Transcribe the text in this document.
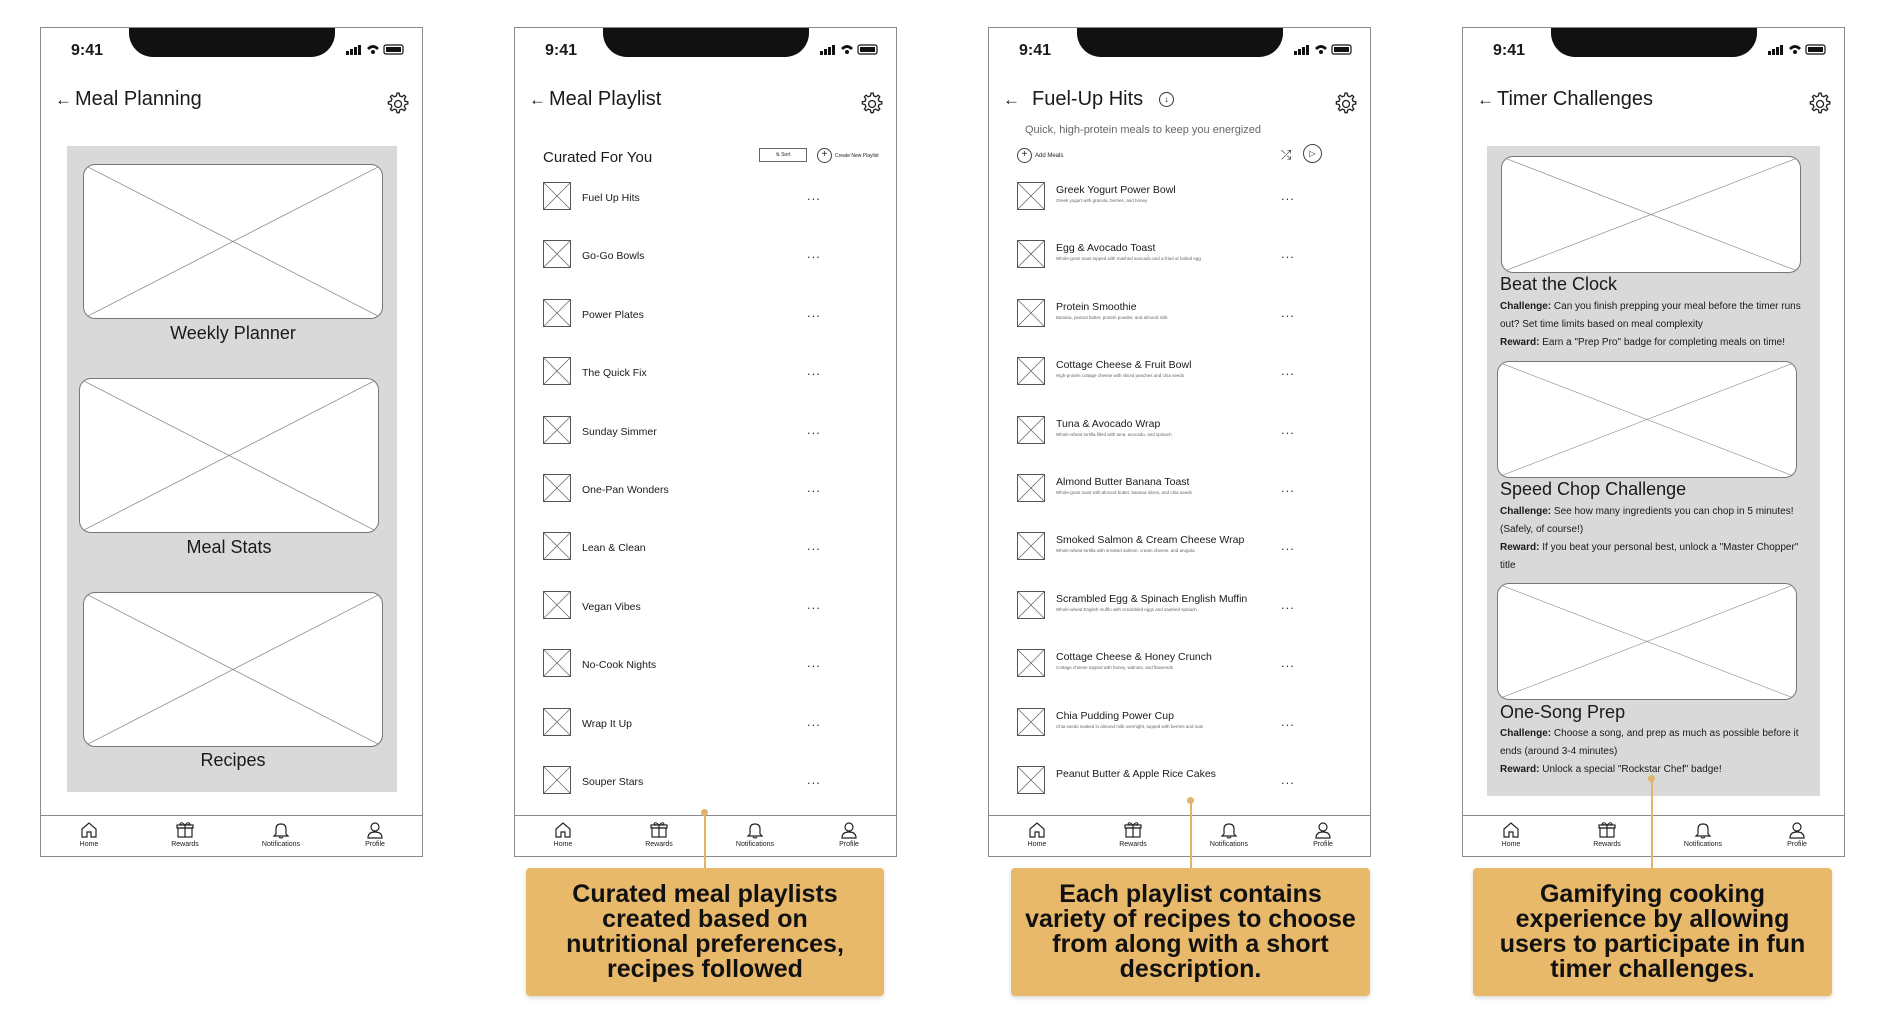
9:41
← Meal Planning
Weekly Planner
Meal Stats
Recipes
Home	Rewards	Notifications	Profile
9:41
← Meal Playlist
Curated For You	⇅ Sort	+	Create New Playlist
Fuel Up Hits	...
Go-Go Bowls	...
Power Plates	...
The Quick Fix	...
Sunday Simmer	...
One-Pan Wonders	...
Lean & Clean	...
Vegan Vibes	...
No-Cook Nights	...
Wrap It Up	...
Souper Stars	...
Home	Rewards	Notifications	Profile
9:41
← Fuel-Up Hits	↓
Quick, high-protein meals to keep you energized
+	Add Meals	⤮	▷
Greek Yogurt Power Bowl
Greek yogurt with granola, berries, and honey	...
Egg & Avocado Toast
Whole-grain toast topped with mashed avocado and a fried or boiled egg	...
Protein Smoothie
Banana, peanut butter, protein powder, and almond milk	...
Cottage Cheese & Fruit Bowl
High-protein cottage cheese with sliced peaches and chia seeds	...
Tuna & Avocado Wrap
Whole-wheat tortilla filled with tuna, avocado, and spinach	...
Almond Butter Banana Toast
Whole-grain toast with almond butter, banana slices, and chia seeds	...
Smoked Salmon & Cream Cheese Wrap
Whole-wheat tortilla with smoked salmon, cream cheese, and arugula	...
Scrambled Egg & Spinach English Muffin
Whole-wheat English muffin with scrambled eggs and sautéed spinach	...
Cottage Cheese & Honey Crunch
Cottage cheese topped with honey, walnuts, and flaxseeds	...
Chia Pudding Power Cup
Chia seeds soaked in almond milk overnight, topped with berries and nuts	...
Peanut Butter & Apple Rice Cakes	...
Home	Rewards	Notifications	Profile
9:41
← Timer Challenges
Beat the Clock
Challenge: Can you finish prepping your meal before the timer runs out? Set time limits based on meal complexity
Reward: Earn a "Prep Pro" badge for completing meals on time!
Speed Chop Challenge
Challenge: See how many ingredients you can chop in 5 minutes! (Safely, of course!)
Reward: If you beat your personal best, unlock a "Master Chopper" title
One-Song Prep
Challenge: Choose a song, and prep as much as possible before it ends (around 3-4 minutes)
Reward: Unlock a special "Rockstar Chef" badge!
Home	Rewards	Notifications	Profile
Curated meal playlists created based on nutritional preferences, recipes followed
Each playlist contains variety of recipes to choose from along with a short description.
Gamifying cooking experience by allowing users to participate in fun timer challenges.
